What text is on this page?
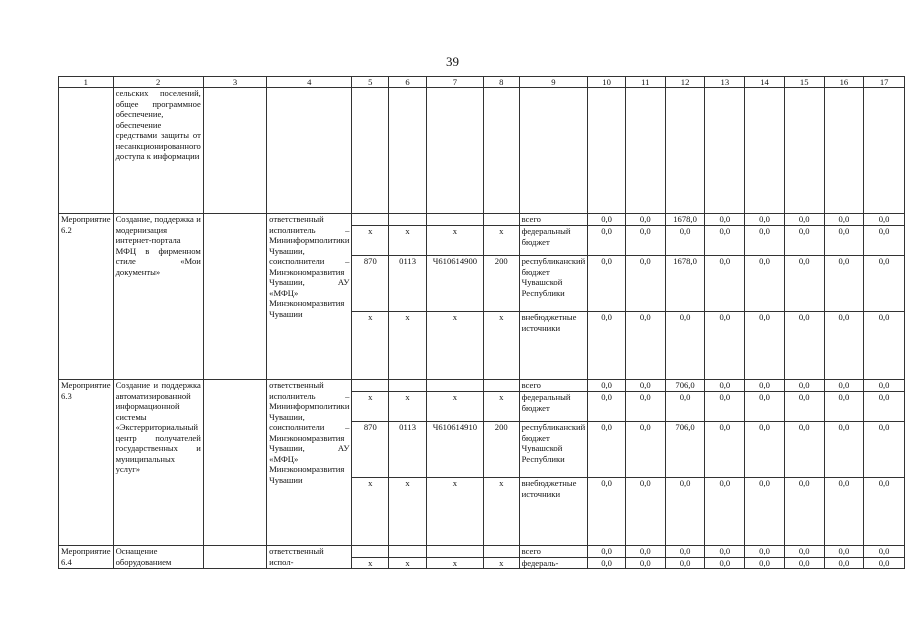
39
1	2	3	4	5	6	7	8	9	10	11	12	13	14	15	16	17
	сельских поселений, общее программное обеспечение, обеспечение средствами защиты от несанкционированного доступа к информации															
Мероприятие 6.2	Создание, поддержка и модернизация интернет-портала МФЦ в фирменном стиле «Мои документы»		ответственный исполнитель – Мининформполитики Чувашии, соисполнители – Минэкономразвития Чувашии, АУ «МФЦ» Минэкономразвития Чувашии					всего	0,0	0,0	1678,0	0,0	0,0	0,0	0,0	0,0
				х	х	х	х	федеральный бюджет	0,0	0,0	0,0	0,0	0,0	0,0	0,0	0,0
				870	0113	Ч610614900	200	республиканский бюджет Чувашской Республики	0,0	0,0	1678,0	0,0	0,0	0,0	0,0	0,0
				х	х	х	х	внебюджетные источники	0,0	0,0	0,0	0,0	0,0	0,0	0,0	0,0
Мероприятие 6.3	Создание и поддержка автоматизированной информационной системы «Экстерриториальный центр получателей государственных и муниципальных услуг»		ответственный исполнитель – Мининформполитики Чувашии, соисполнители – Минэкономразвития Чувашии, АУ «МФЦ» Минэкономразвития Чувашии					всего	0,0	0,0	706,0	0,0	0,0	0,0	0,0	0,0
				х	х	х	х	федеральный бюджет	0,0	0,0	0,0	0,0	0,0	0,0	0,0	0,0
				870	0113	Ч610614910	200	республиканский бюджет Чувашской Республики	0,0	0,0	706,0	0,0	0,0	0,0	0,0	0,0
				х	х	х	х	внебюджетные источники	0,0	0,0	0,0	0,0	0,0	0,0	0,0	0,0
Мероприятие 6.4	Оснащение оборудованием		ответственный испол-					всего	0,0	0,0	0,0	0,0	0,0	0,0	0,0	0,0
				х	х	х	х	федераль-	0,0	0,0	0,0	0,0	0,0	0,0	0,0	0,0
